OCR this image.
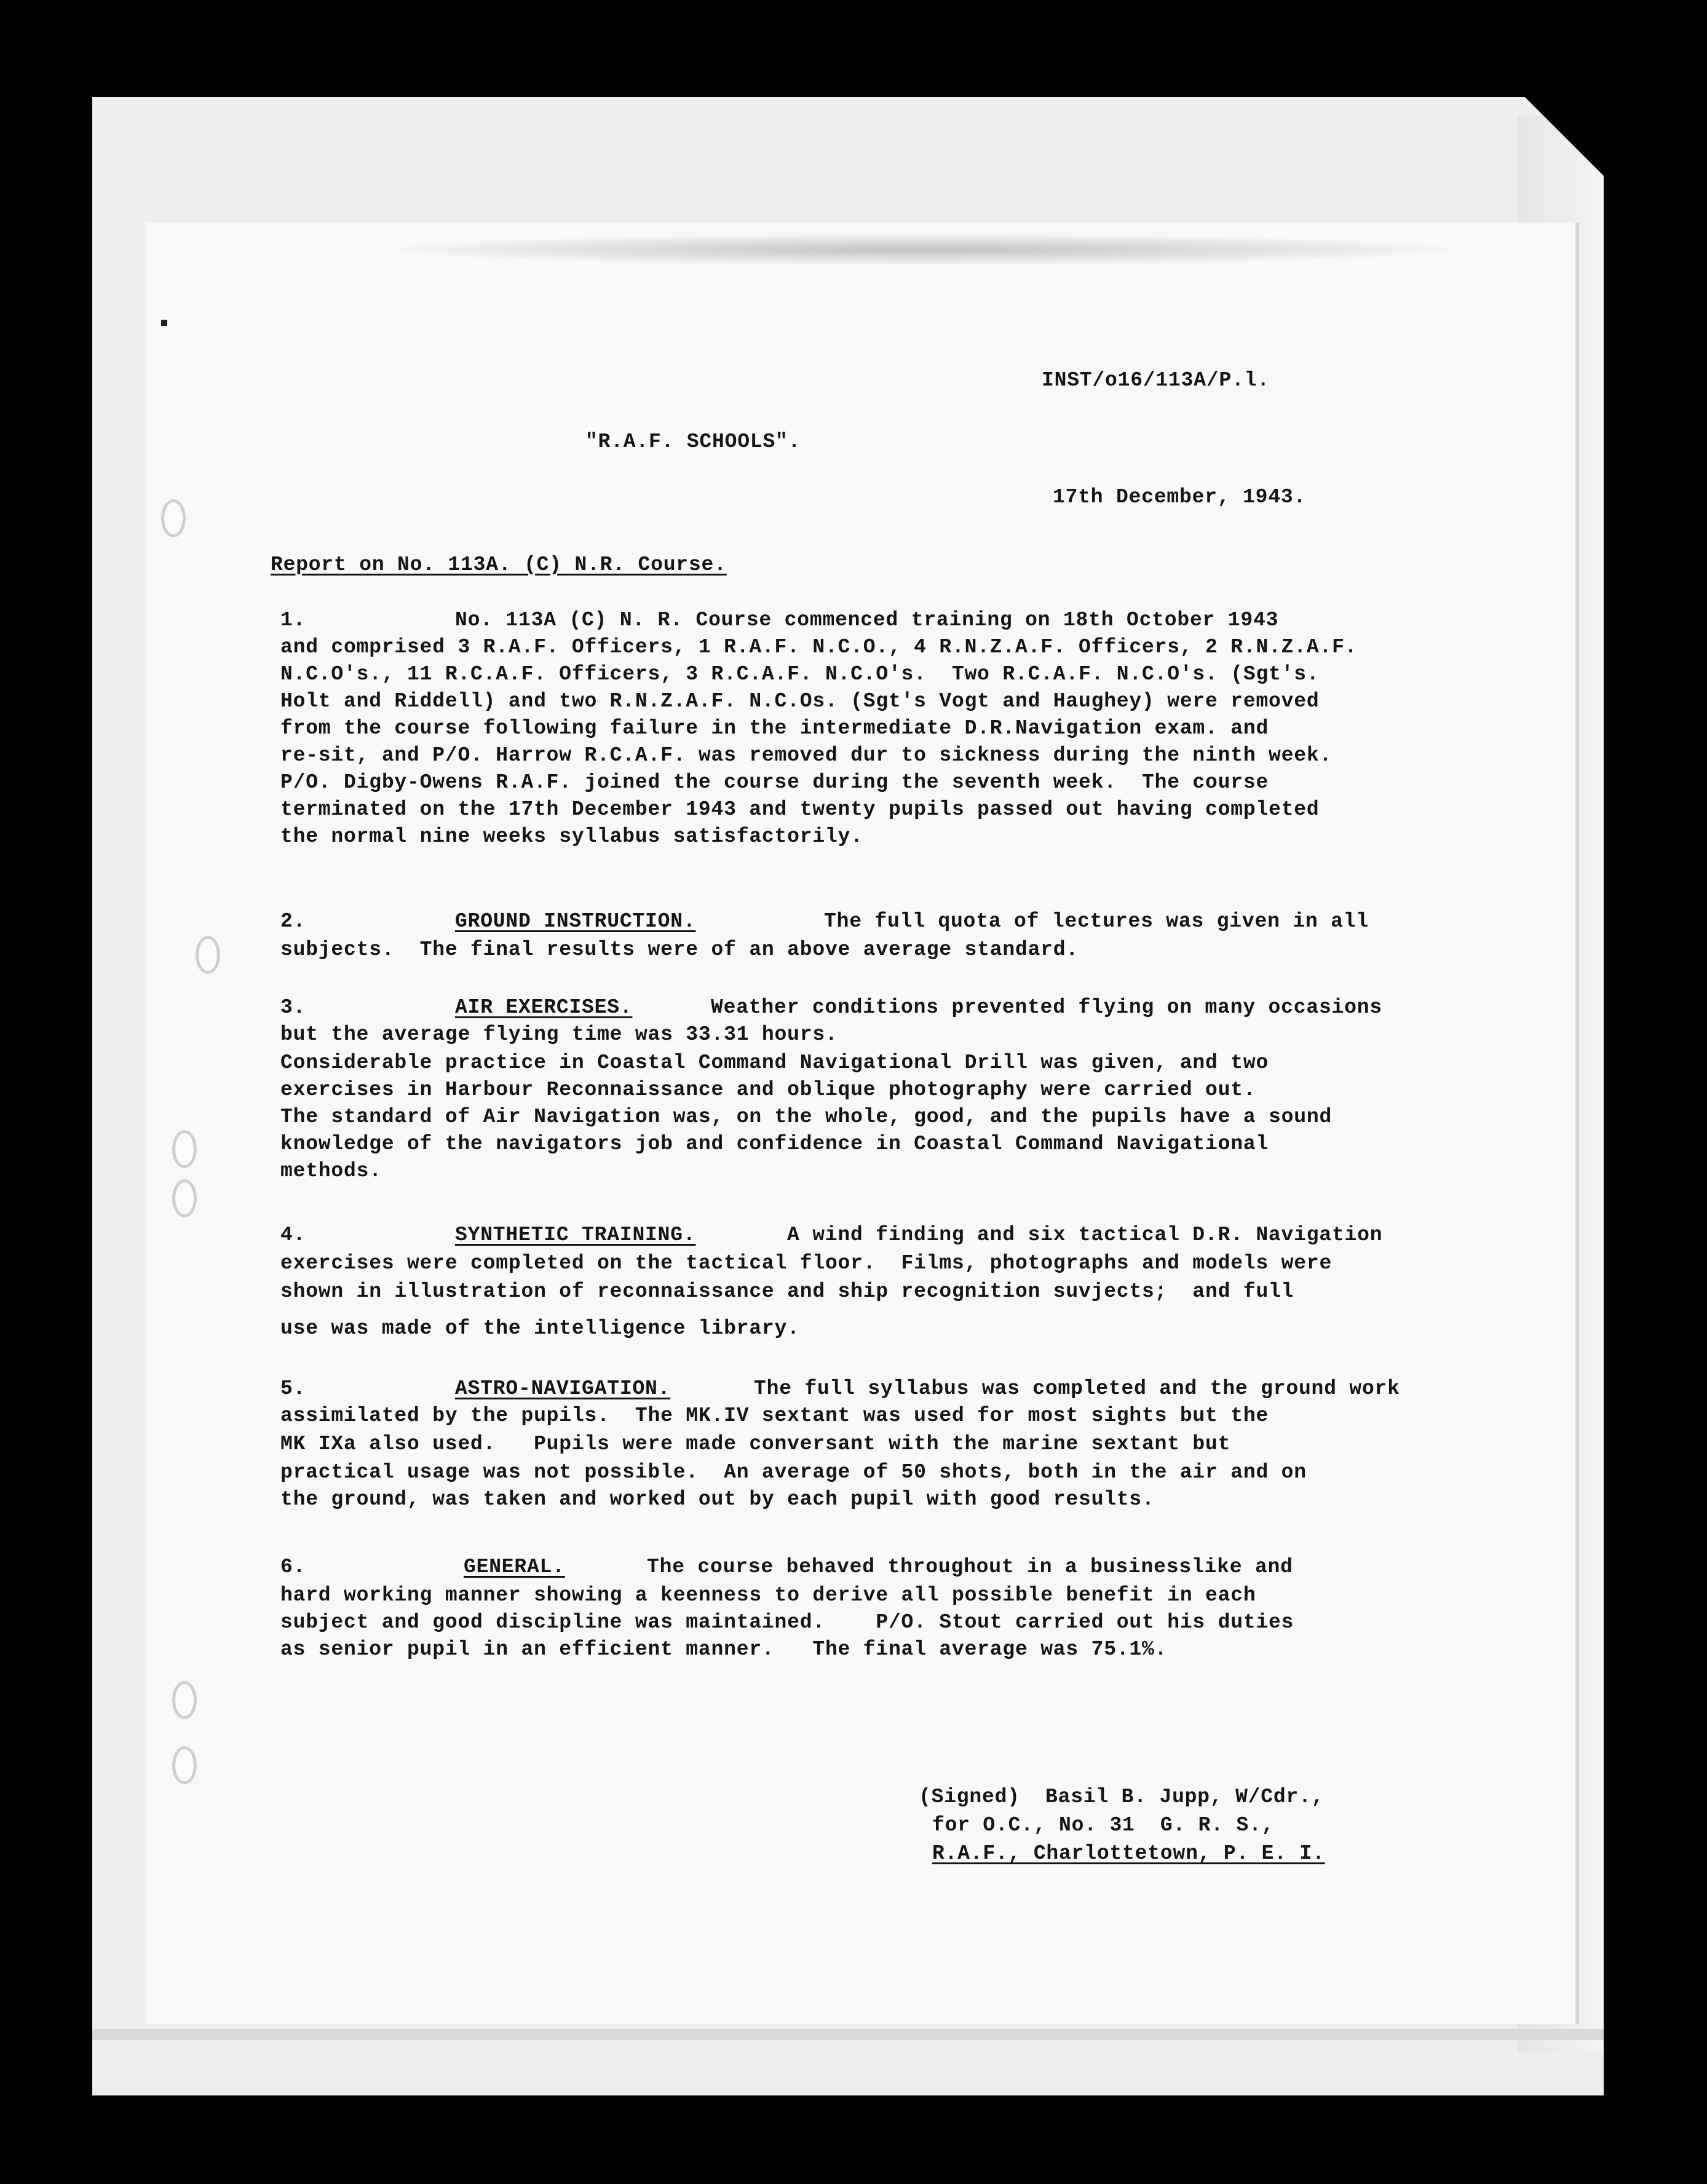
INST/o16/113A/P.l.

"R.A.F. SCHOOLS".

17th December, 1943.

Report on No. 113A. (C) N.R. Course.

1.	No. 113A (C) N. R. Course commenced training on 18th October 1943

and comprised 3 R.A.F. Officers, 1 R.A.F. N.C.O., 4 R.N.Z.A.F. Officers, 2 R.N.Z.A.F.

N.C.O's., 11 R.C.A.F. Officers, 3 R.C.A.F. N.C.O's.  Two R.C.A.F. N.C.O's. (Sgt's.

Holt and Riddell) and two R.N.Z.A.F. N.C.Os. (Sgt's Vogt and Haughey) were removed

from the course following failure in the intermediate D.R.Navigation exam. and

re-sit, and P/O. Harrow R.C.A.F. was removed dur to sickness during the ninth week.

P/O. Digby-Owens R.A.F. joined the course during the seventh week.  The course

terminated on the 17th December 1943 and twenty pupils passed out having completed

the normal nine weeks syllabus satisfactorily.

2.	GROUND INSTRUCTION.	The full quota of lectures was given in all

subjects.  The final results were of an above average standard.

3.	AIR EXERCISES.	Weather conditions prevented flying on many occasions

but the average flying time was 33.31 hours.

Considerable practice in Coastal Command Navigational Drill was given, and two

exercises in Harbour Reconnaissance and oblique photography were carried out.

The standard of Air Navigation was, on the whole, good, and the pupils have a sound

knowledge of the navigators job and confidence in Coastal Command Navigational

methods.

4.	SYNTHETIC TRAINING.	A wind finding and six tactical D.R. Navigation

exercises were completed on the tactical floor.  Films, photographs and models were

shown in illustration of reconnaissance and ship recognition suvjects;  and full

use was made of the intelligence library.

5.	ASTRO-NAVIGATION.	The full syllabus was completed and the ground work

assimilated by the pupils.  The MK.IV sextant was used for most sights but the

MK IXa also used.   Pupils were made conversant with the marine sextant but

practical usage was not possible.  An average of 50 shots, both in the air and on

the ground, was taken and worked out by each pupil with good results.

6.	GENERAL.	The course behaved throughout in a businesslike and

hard working manner showing a keenness to derive all possible benefit in each

subject and good discipline was maintained.    P/O. Stout carried out his duties

as senior pupil in an efficient manner.   The final average was 75.1%.

(Signed)  Basil B. Jupp, W/Cdr.,

for O.C., No. 31  G. R. S.,

R.A.F., Charlottetown, P. E. I.
